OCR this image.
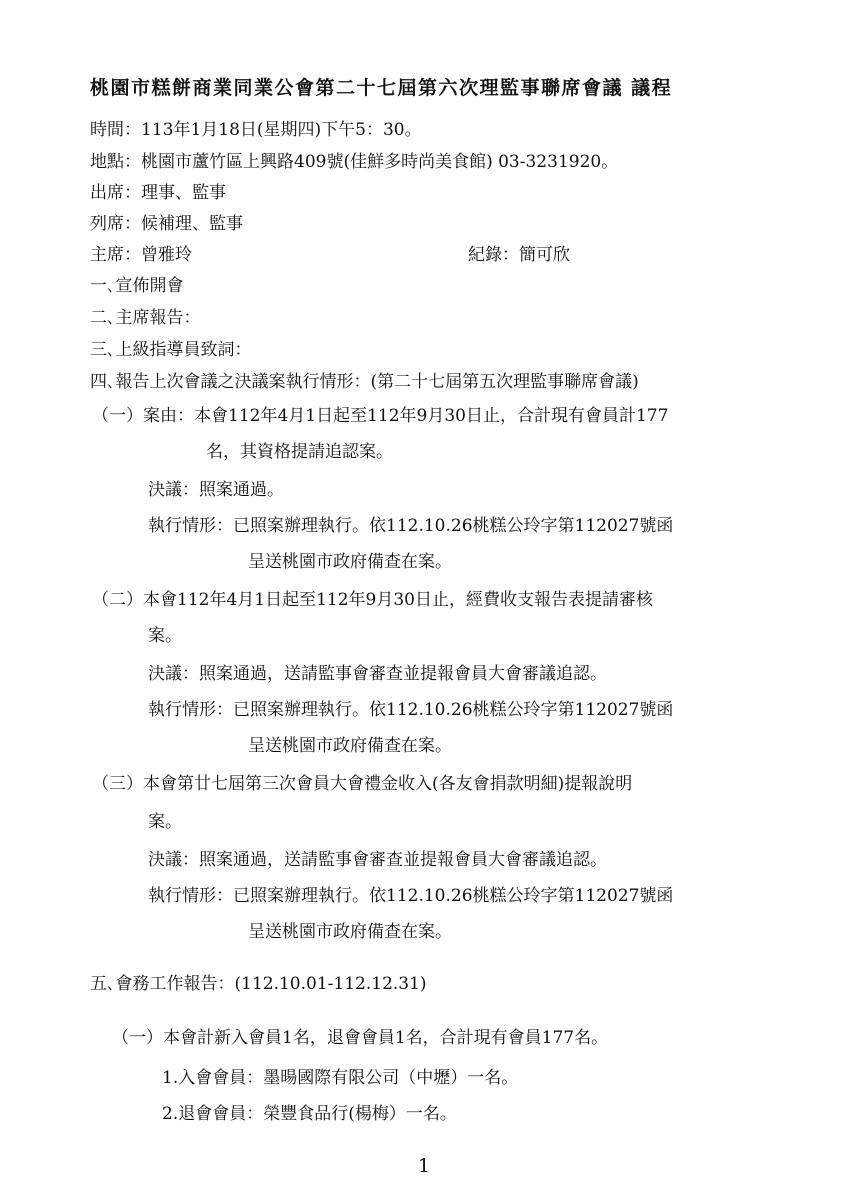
桃園市糕餅商業同業公會第二十七屆第六次理監事聯席會議 議程
時間：113年1月18日(星期四)下午5：30。
地點：桃園市蘆竹區上興路409號(佳鮮多時尚美食館) 03-3231920。
出席：理事、監事
列席：候補理、監事
主席：曾雅玲	紀錄：簡可欣
一､宣佈開會
二､主席報告：
三､上級指導員致詞：
四､報告上次會議之決議案執行情形：(第二十七屆第五次理監事聯席會議)
（一）案由：本會112年4月1日起至112年9月30日止，合計現有會員計177
名，其資格提請追認案。
決議：照案通過。
執行情形：已照案辦理執行。依112.10.26桃糕公玲字第112027號函
呈送桃園市政府備查在案。
（二）本會112年4月1日起至112年9月30日止，經費收支報告表提請審核
案。
決議：照案通過，送請監事會審查並提報會員大會審議追認。
執行情形：已照案辦理執行。依112.10.26桃糕公玲字第112027號函
呈送桃園市政府備查在案。
（三）本會第廿七屆第三次會員大會禮金收入(各友會捐款明細)提報說明
案。
決議：照案通過，送請監事會審查並提報會員大會審議追認。
執行情形：已照案辦理執行。依112.10.26桃糕公玲字第112027號函
呈送桃園市政府備查在案。
五､會務工作報告：(112.10.01-112.12.31)
（一）本會計新入會員1名，退會會員1名，合計現有會員177名。
1.入會會員：墨暘國際有限公司（中壢）一名。
2.退會會員：榮豐食品行(楊梅）一名。
1
